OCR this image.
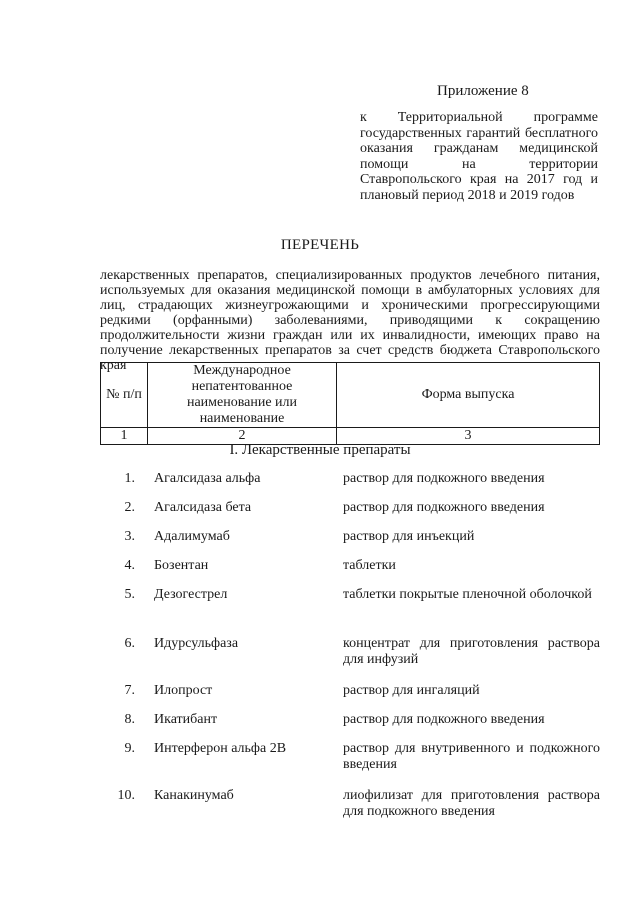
Приложение 8
к Территориальной программе государственных гарантий бесплатного оказания гражданам медицинской помощи на территории Ставропольского края на 2017 год и плановый период 2018 и 2019 годов
ПЕРЕЧЕНЬ
лекарственных препаратов, специализированных продуктов лечебного питания, используемых для оказания медицинской помощи в амбулаторных условиях для лиц, страдающих жизнеугрожающими и хроническими прогрессирующими редкими (орфанными) заболеваниями, приводящими к сокращению продолжительности жизни граждан или их инвалидности, имеющих право на получение лекарственных препаратов за счет средств бюджета Ставропольского края
№ п/п	Международное непатентованное наименование или наименование	Форма выпуска
1	2	3
I. Лекарственные препараты
1. Агалсидаза альфа	раствор для подкожного введения
2. Агалсидаза бета	раствор для подкожного введения
3. Адалимумаб	раствор для инъекций
4. Бозентан	таблетки
5. Дезогестрел	таблетки покрытые пленочной оболочкой
6. Идурсульфаза	концентрат для приготовления раствора для инфузий
7. Илопрост	раствор для ингаляций
8. Икатибант	раствор для подкожного введения
9. Интерферон альфа 2В	раствор для внутривенного и подкожного введения
10. Канакинумаб	лиофилизат для приготовления раствора для подкожного введения
